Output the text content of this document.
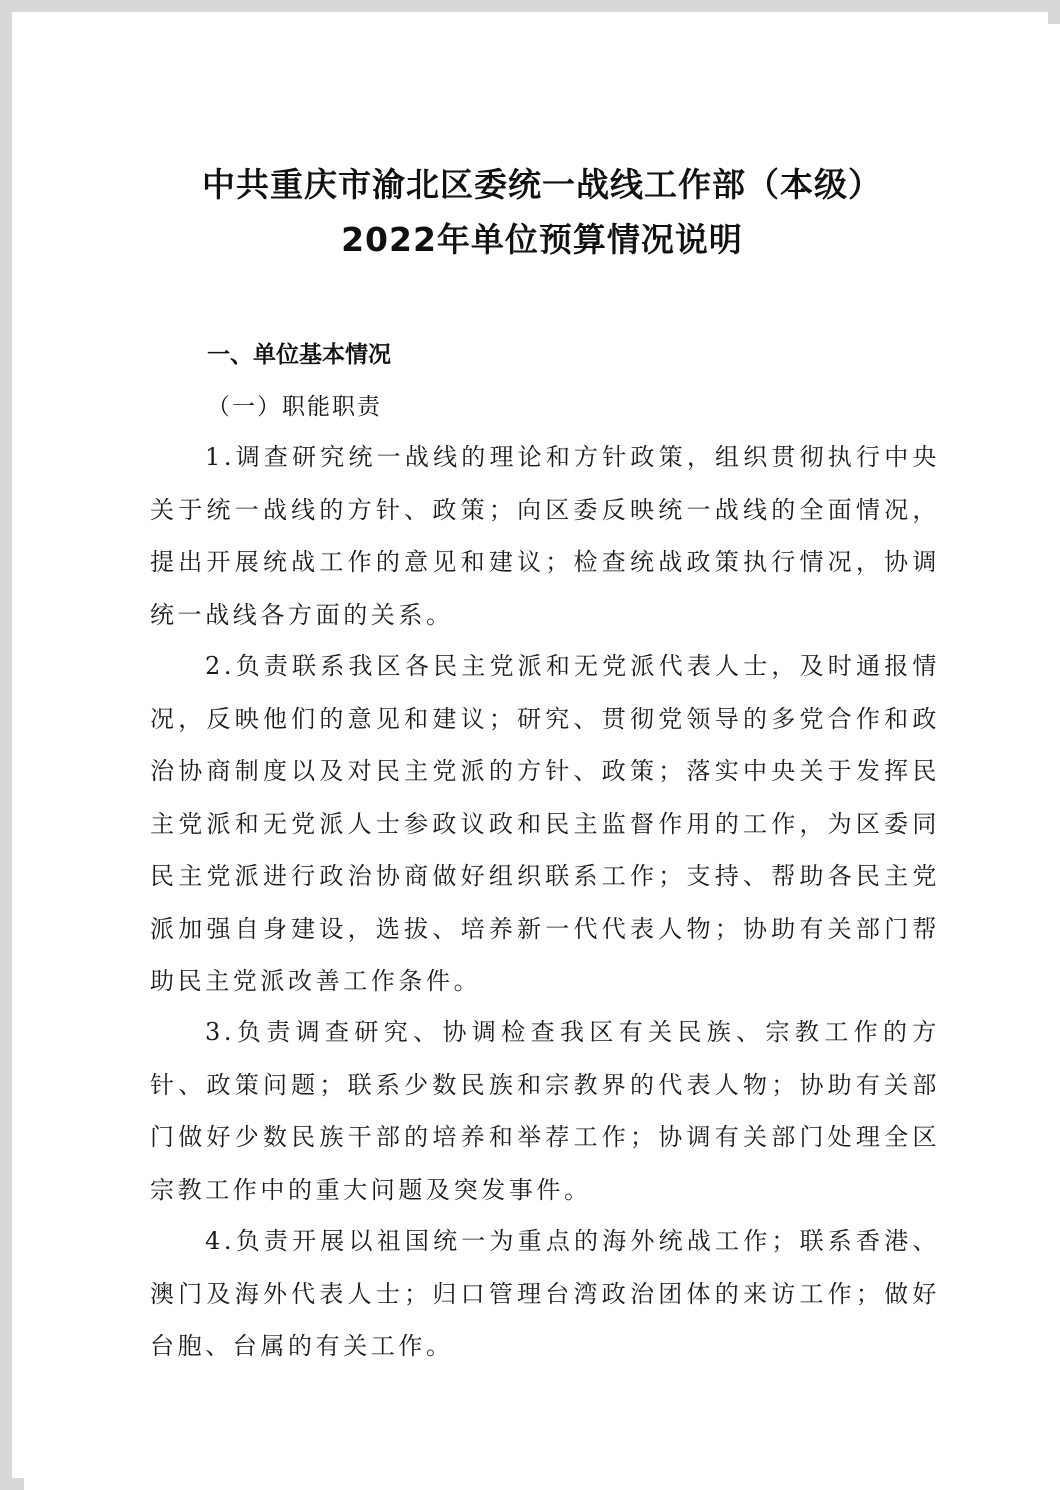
中共重庆市渝北区委统一战线工作部（本级）
2022年单位预算情况说明
一、单位基本情况
（一）职能职责
1.调查研究统一战线的理论和方针政策，组织贯彻执行中央关于统一战线的方针、政策；向区委反映统一战线的全面情况，提出开展统战工作的意见和建议；检查统战政策执行情况，协调统一战线各方面的关系。
2.负责联系我区各民主党派和无党派代表人士，及时通报情况，反映他们的意见和建议；研究、贯彻党领导的多党合作和政治协商制度以及对民主党派的方针、政策；落实中央关于发挥民主党派和无党派人士参政议政和民主监督作用的工作，为区委同民主党派进行政治协商做好组织联系工作；支持、帮助各民主党派加强自身建设，选拔、培养新一代代表人物；协助有关部门帮助民主党派改善工作条件。
3.负责调查研究、协调检查我区有关民族、宗教工作的方针、政策问题；联系少数民族和宗教界的代表人物；协助有关部门做好少数民族干部的培养和举荐工作；协调有关部门处理全区宗教工作中的重大问题及突发事件。
4.负责开展以祖国统一为重点的海外统战工作；联系香港、澳门及海外代表人士；归口管理台湾政治团体的来访工作；做好台胞、台属的有关工作。
